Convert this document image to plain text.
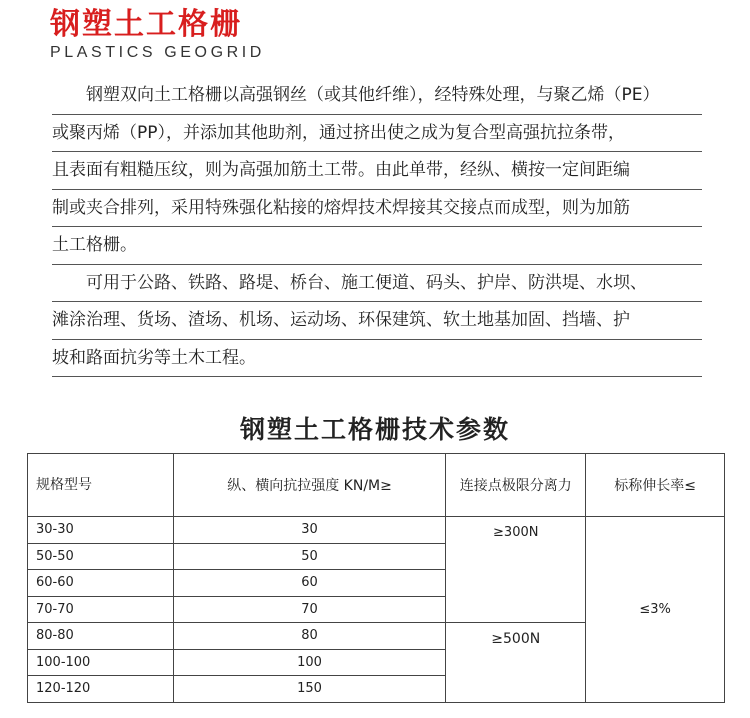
钢塑土工格栅
PLASTICS GEOGRID
钢塑双向土工格栅以高强钢丝（或其他纤维），经特殊处理，与聚乙烯（PE）
或聚丙烯（PP），并添加其他助剂，通过挤出使之成为复合型高强抗拉条带，
且表面有粗糙压纹，则为高强加筋土工带。由此单带，经纵、横按一定间距编
制或夹合排列，采用特殊强化粘接的熔焊技术焊接其交接点而成型，则为加筋
土工格栅。
可用于公路、铁路、路堤、桥台、施工便道、码头、护岸、防洪堤、水坝、
滩涂治理、货场、渣场、机场、运动场、环保建筑、软土地基加固、挡墙、护
坡和路面抗劣等土木工程。
钢塑土工格栅技术参数
规格型号	纵、横向抗拉强度 KN/M≥	连接点极限分离力	标称伸长率≤
30-30	30	≥300N	≤3%
50-50	50		
60-60	60		
70-70	70		
80-80	80	≥500N	
100-100	100		
120-120	150		
